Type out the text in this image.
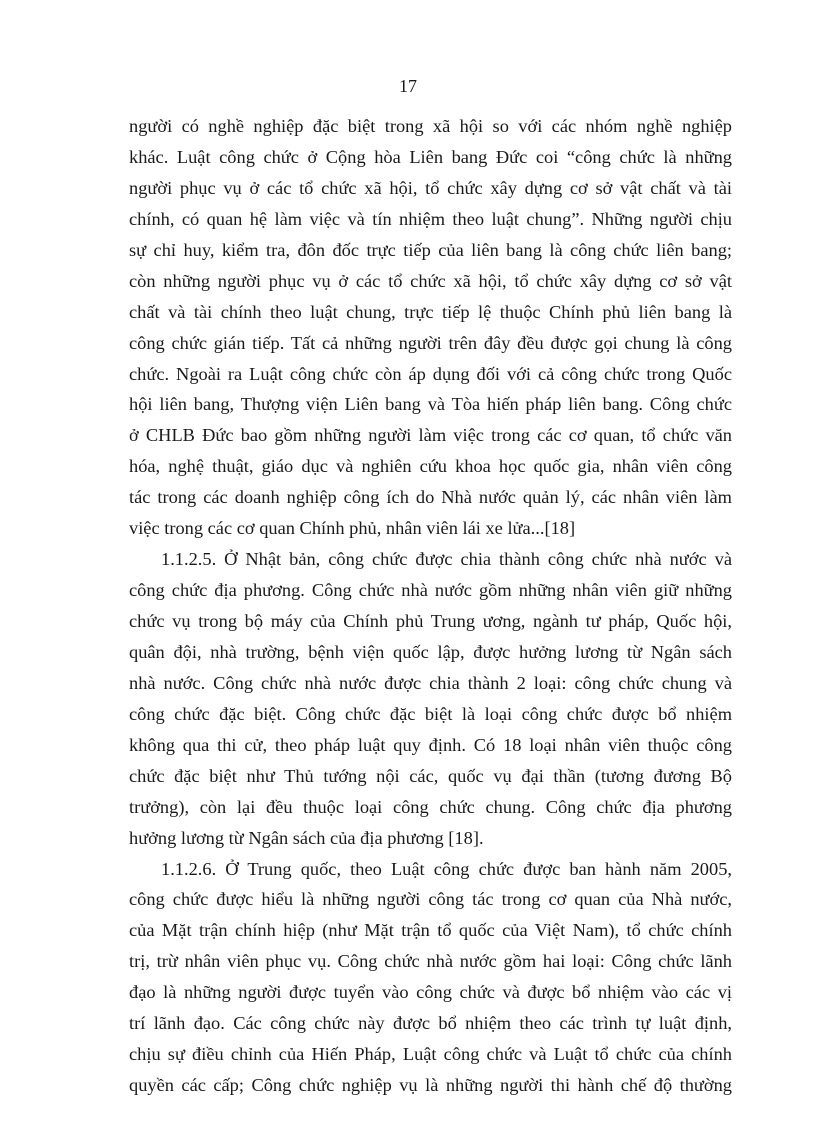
17
người có nghề nghiệp đặc biệt trong xã hội so với các nhóm nghề nghiệp
khác. Luật công chức ở Cộng hòa Liên bang Đức coi “công chức là những
người phục vụ ở các tổ chức xã hội, tổ chức xây dựng cơ sở vật chất và tài
chính, có quan hệ làm việc và tín nhiệm theo luật chung”. Những người chịu
sự chỉ huy, kiểm tra, đôn đốc trực tiếp của liên bang là công chức liên bang;
còn những người phục vụ ở các tổ chức xã hội, tổ chức xây dựng cơ sở vật
chất và tài chính theo luật chung, trực tiếp lệ thuộc Chính phủ liên bang là
công chức gián tiếp. Tất cả những người trên đây đều được gọi chung là công
chức. Ngoài ra Luật công chức còn áp dụng đối với cả công chức trong Quốc
hội liên bang, Thượng viện Liên bang và Tòa hiến pháp liên bang. Công chức
ở CHLB Đức bao gồm những người làm việc trong các cơ quan, tổ chức văn
hóa, nghệ thuật, giáo dục và nghiên cứu khoa học quốc gia, nhân viên công
tác trong các doanh nghiệp công ích do Nhà nước quản lý, các nhân viên làm
việc trong các cơ quan Chính phủ, nhân viên lái xe lửa...[18]
1.1.2.5. Ở Nhật bản, công chức được chia thành công chức nhà nước và
công chức địa phương. Công chức nhà nước gồm những nhân viên giữ những
chức vụ trong bộ máy của Chính phủ Trung ương, ngành tư pháp, Quốc hội,
quân đội, nhà trường, bệnh viện quốc lập, được hưởng lương từ Ngân sách
nhà nước. Công chức nhà nước được chia thành 2 loại: công chức chung và
công chức đặc biệt. Công chức đặc biệt là loại công chức được bổ nhiệm
không qua thi cử, theo pháp luật quy định. Có 18 loại nhân viên thuộc công
chức đặc biệt như Thủ tướng nội các, quốc vụ đại thần (tương đương Bộ
trưởng), còn lại đều thuộc loại công chức chung. Công chức địa phương
hưởng lương từ Ngân sách của địa phương [18].
1.1.2.6. Ở Trung quốc, theo Luật công chức được ban hành năm 2005,
công chức được hiểu là những người công tác trong cơ quan của Nhà nước,
của Mặt trận chính hiệp (như Mặt trận tổ quốc của Việt Nam), tổ chức chính
trị, trừ nhân viên phục vụ. Công chức nhà nước gồm hai loại: Công chức lãnh
đạo là những người được tuyển vào công chức và được bổ nhiệm vào các vị
trí lãnh đạo. Các công chức này được bổ nhiệm theo các trình tự luật định,
chịu sự điều chỉnh của Hiến Pháp, Luật công chức và Luật tổ chức của chính
quyền các cấp; Công chức nghiệp vụ là những người thi hành chế độ thường
